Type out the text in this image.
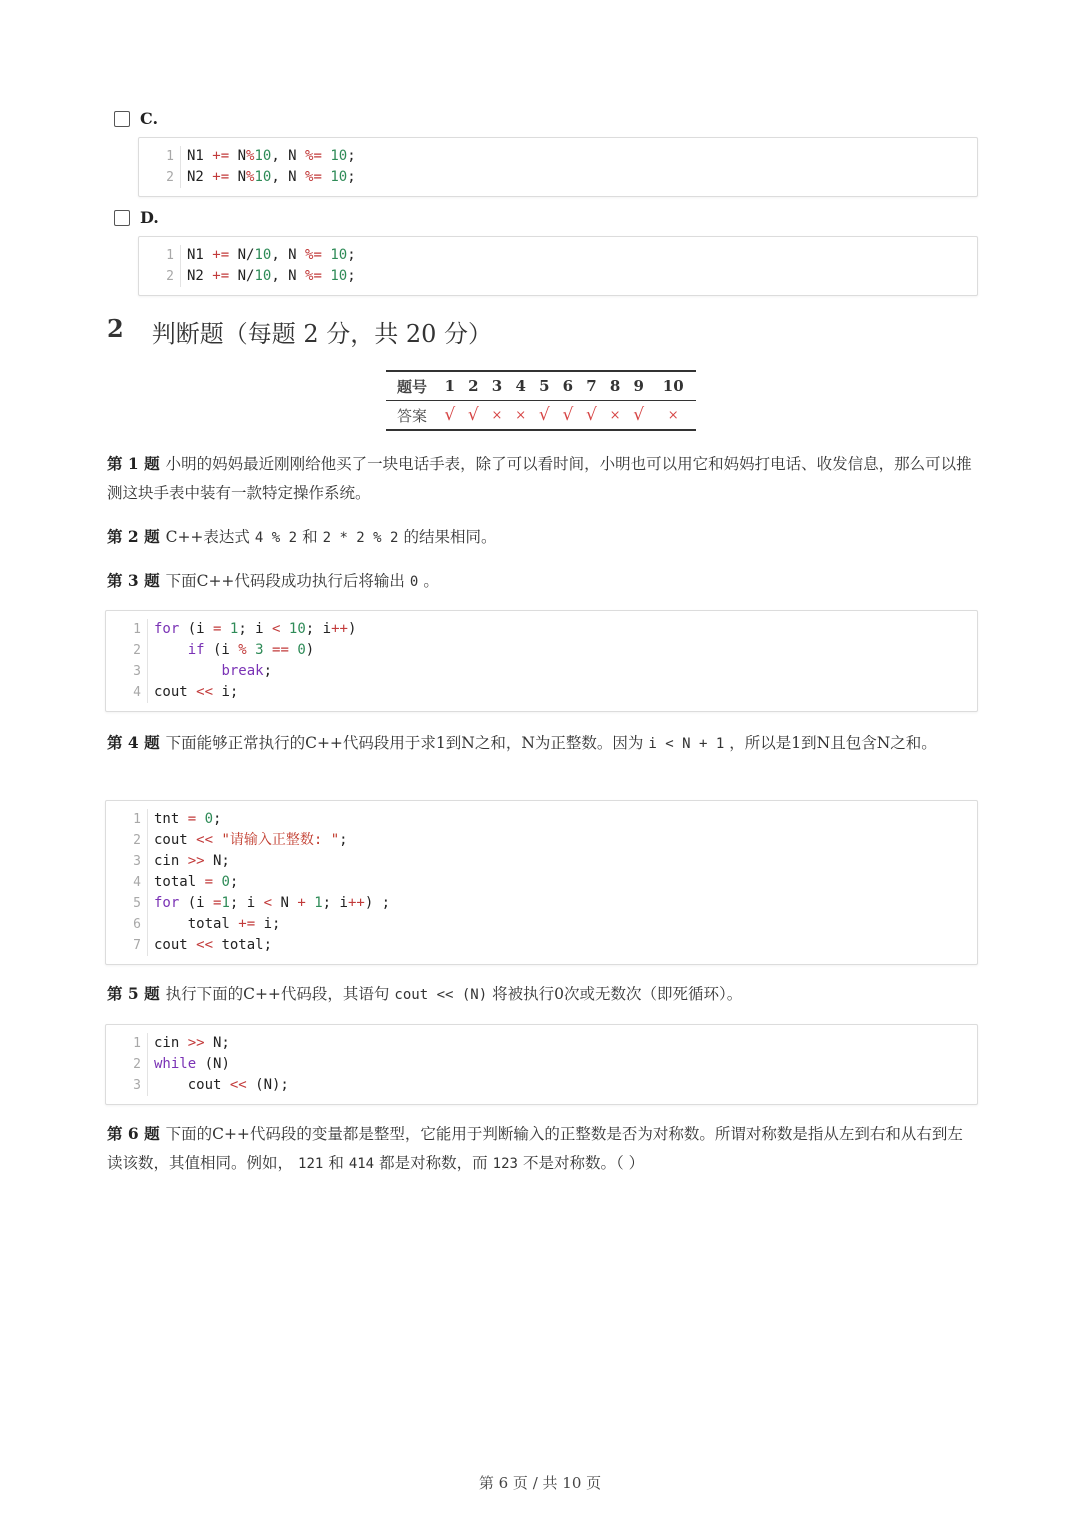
C.
1
2
N1 += N%10, N %= 10;
N2 += N%10, N %= 10;
D.
1
2
N1 += N/10, N %= 10;
N2 += N/10, N %= 10;
2 判断题（每题 2 分，共 20 分）
题号	1	2	3	4	5	6	7	8	9	10
答案	√	√	×	×	√	√	√	×	√	×
第 1 题 小明的妈妈最近刚刚给他买了一块电话手表，除了可以看时间，小明也可以用它和妈妈打电话、收发信息，那么可以推测这块手表中装有一款特定操作系统。
第 2 题 C++表达式 4 % 2 和 2 * 2 % 2 的结果相同。
第 3 题 下面C++代码段成功执行后将输出 0 。
1
2
3
4
for (i = 1; i < 10; i++)
if (i % 3 == 0)
break;
cout << i;
第 4 题 下面能够正常执行的C++代码段用于求1到N之和，N为正整数。因为 i < N + 1 ，所以是1到N且包含N之和。
1
2
3
4
5
6
7
tnt = 0;
cout << "请输入正整数: ";
cin >> N;
total = 0;
for (i =1; i < N + 1; i++) ;
total += i;
cout << total;
第 5 题 执行下面的C++代码段，其语句 cout << (N) 将被执行0次或无数次（即死循环）。
1
2
3
cin >> N;
while (N)
cout << (N);
第 6 题 下面的C++代码段的变量都是整型，它能用于判断输入的正整数是否为对称数。所谓对称数是指从左到右和从右到左读该数，其值相同。例如， 121 和 414 都是对称数，而 123 不是对称数。（ ）
第 6 页 / 共 10 页
